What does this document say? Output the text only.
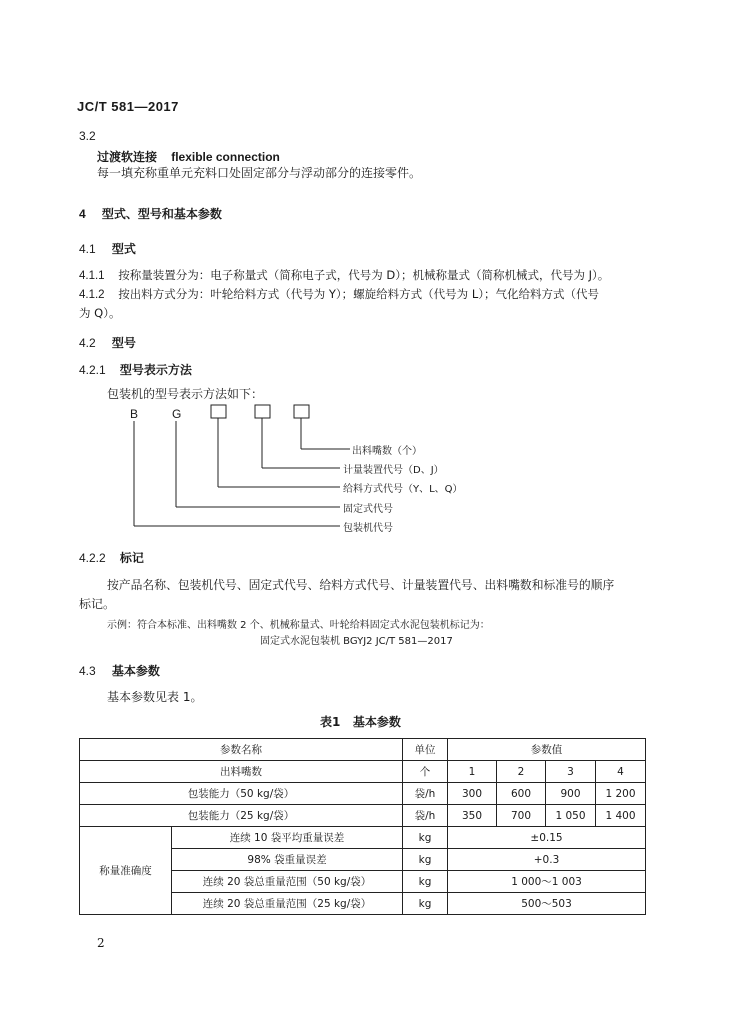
JC/T 581—2017
3.2
过渡软连接 flexible connection
每一填充称重单元充料口处固定部分与浮动部分的连接零件。
4 型式、型号和基本参数
4.1 型式
4.1.1 按称量装置分为：电子称量式（简称电子式，代号为 D）；机械称量式（简称机械式，代号为 J）。
4.1.2 按出料方式分为：叶轮给料方式（代号为 Y）；螺旋给料方式（代号为 L）；气化给料方式（代号
为 Q）。
4.2 型号
4.2.1 型号表示方法
包装机的型号表示方法如下：
B	G
出料嘴数（个）
计量装置代号（D、J）
给料方式代号（Y、L、Q）
固定式代号
包装机代号
4.2.2 标记
按产品名称、包装机代号、固定式代号、给料方式代号、计量装置代号、出料嘴数和标准号的顺序
标记。
示例：符合本标准、出料嘴数 2 个、机械称量式、叶轮给料固定式水泥包装机标记为：
固定式水泥包装机 BGYJ2 JC/T 581—2017
4.3 基本参数
基本参数见表 1。
表1   基本参数
参数名称		单位	参数值			
出料嘴数		个	1	2	3	4
包装能力（50 kg/袋）		袋/h	300	600	900	1 200
包装能力（25 kg/袋）		袋/h	350	700	1 050	1 400
称量准确度	连续 10 袋平均重量误差	kg	±0.15			
	98% 袋重量误差	kg	+0.3			
	连续 20 袋总重量范围（50 kg/袋）	kg	1 000～1 003			
	连续 20 袋总重量范围（25 kg/袋）	kg	500～503			
2
